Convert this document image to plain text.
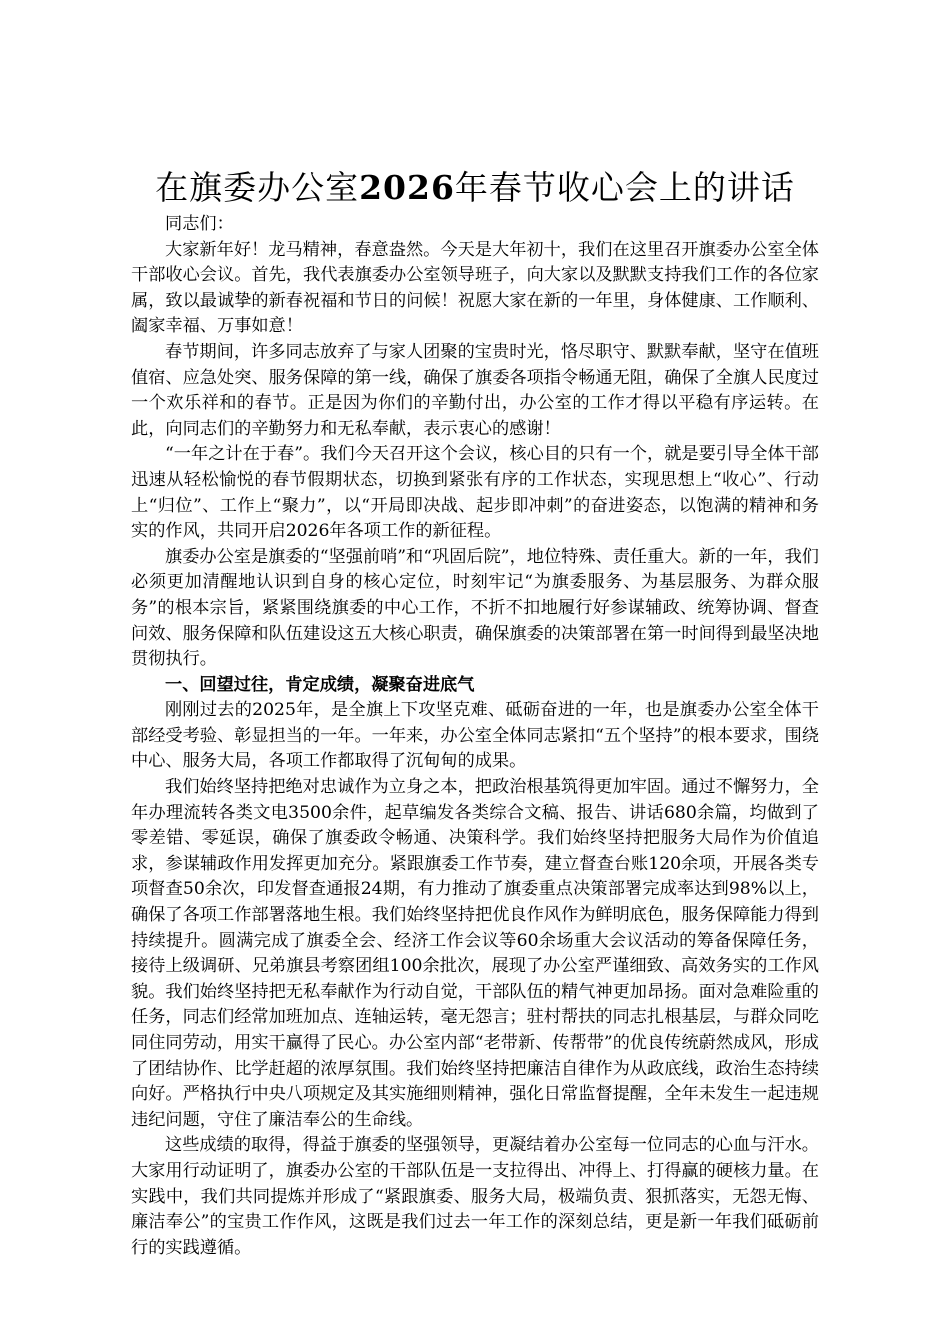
在旗委办公室2026年春节收心会上的讲话

同志们：

大家新年好！龙马精神，春意盎然。今天是大年初十，我们在这里召开旗委办公室全体干部收心会议。首先，我代表旗委办公室领导班子，向大家以及默默支持我们工作的各位家属，致以最诚挚的新春祝福和节日的问候！祝愿大家在新的一年里，身体健康、工作顺利、阖家幸福、万事如意！

春节期间，许多同志放弃了与家人团聚的宝贵时光，恪尽职守、默默奉献，坚守在值班值宿、应急处突、服务保障的第一线，确保了旗委各项指令畅通无阻，确保了全旗人民度过一个欢乐祥和的春节。正是因为你们的辛勤付出，办公室的工作才得以平稳有序运转。在此，向同志们的辛勤努力和无私奉献，表示衷心的感谢！

“一年之计在于春”。我们今天召开这个会议，核心目的只有一个，就是要引导全体干部迅速从轻松愉悦的春节假期状态，切换到紧张有序的工作状态，实现思想上“收心”、行动上“归位”、工作上“聚力”，以“开局即决战、起步即冲刺”的奋进姿态，以饱满的精神和务实的作风，共同开启2026年各项工作的新征程。

旗委办公室是旗委的“坚强前哨”和“巩固后院”，地位特殊、责任重大。新的一年，我们必须更加清醒地认识到自身的核心定位，时刻牢记“为旗委服务、为基层服务、为群众服务”的根本宗旨，紧紧围绕旗委的中心工作，不折不扣地履行好参谋辅政、统筹协调、督查问效、服务保障和队伍建设这五大核心职责，确保旗委的决策部署在第一时间得到最坚决地贯彻执行。

一、回望过往，肯定成绩，凝聚奋进底气

刚刚过去的2025年，是全旗上下攻坚克难、砥砺奋进的一年，也是旗委办公室全体干部经受考验、彰显担当的一年。一年来，办公室全体同志紧扣“五个坚持”的根本要求，围绕中心、服务大局，各项工作都取得了沉甸甸的成果。

我们始终坚持把绝对忠诚作为立身之本，把政治根基筑得更加牢固。通过不懈努力，全年办理流转各类文电3500余件，起草编发各类综合文稿、报告、讲话680余篇，均做到了零差错、零延误，确保了旗委政令畅通、决策科学。我们始终坚持把服务大局作为价值追求，参谋辅政作用发挥更加充分。紧跟旗委工作节奏，建立督查台账120余项，开展各类专项督查50余次，印发督查通报24期，有力推动了旗委重点决策部署完成率达到98%以上，确保了各项工作部署落地生根。我们始终坚持把优良作风作为鲜明底色，服务保障能力得到持续提升。圆满完成了旗委全会、经济工作会议等60余场重大会议活动的筹备保障任务，接待上级调研、兄弟旗县考察团组100余批次，展现了办公室严谨细致、高效务实的工作风貌。我们始终坚持把无私奉献作为行动自觉，干部队伍的精气神更加昂扬。面对急难险重的任务，同志们经常加班加点、连轴运转，毫无怨言；驻村帮扶的同志扎根基层，与群众同吃同住同劳动，用实干赢得了民心。办公室内部“老带新、传帮带”的优良传统蔚然成风，形成了团结协作、比学赶超的浓厚氛围。我们始终坚持把廉洁自律作为从政底线，政治生态持续向好。严格执行中央八项规定及其实施细则精神，强化日常监督提醒，全年未发生一起违规违纪问题，守住了廉洁奉公的生命线。

这些成绩的取得，得益于旗委的坚强领导，更凝结着办公室每一位同志的心血与汗水。大家用行动证明了，旗委办公室的干部队伍是一支拉得出、冲得上、打得赢的硬核力量。在实践中，我们共同提炼并形成了“紧跟旗委、服务大局，极端负责、狠抓落实，无怨无悔、廉洁奉公”的宝贵工作作风，这既是我们过去一年工作的深刻总结，更是新一年我们砥砺前行的实践遵循。
